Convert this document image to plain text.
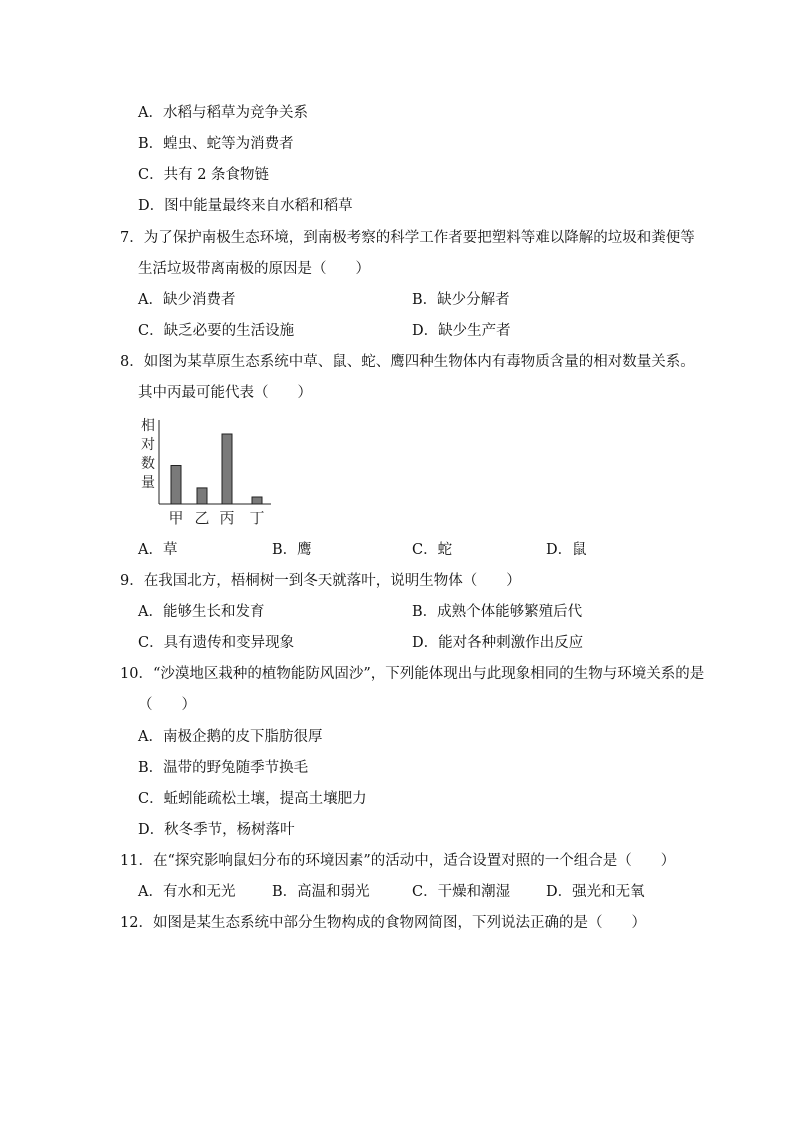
A．水稻与稻草为竞争关系
B．蝗虫、蛇等为消费者
C．共有 2 条食物链
D．图中能量最终来自水稻和稻草
7．为了保护南极生态环境，到南极考察的科学工作者要把塑料等难以降解的垃圾和粪便等
生活垃圾带离南极的原因是（　　）
A．缺少消费者	B．缺少分解者
C．缺乏必要的生活设施	D．缺少生产者
8．如图为某草原生态系统中草、鼠、蛇、鹰四种生物体内有毒物质含量的相对数量关系。
其中丙最可能代表（　　）
相
对
数
量
甲 乙 丙 丁
A．草	B．鹰	C．蛇	D．鼠
9．在我国北方，梧桐树一到冬天就落叶，说明生物体（　　）
A．能够生长和发育	B．成熟个体能够繁殖后代
C．具有遗传和变异现象	D．能对各种刺激作出反应
10．“沙漠地区栽种的植物能防风固沙”，下列能体现出与此现象相同的生物与环境关系的是
（　　）
A．南极企鹅的皮下脂肪很厚
B．温带的野兔随季节换毛
C．蚯蚓能疏松土壤，提高土壤肥力
D．秋冬季节，杨树落叶
11．在“探究影响鼠妇分布的环境因素”的活动中，适合设置对照的一个组合是（　　）
A．有水和无光	B．高温和弱光	C．干燥和潮湿 D．强光和无氧
12．如图是某生态系统中部分生物构成的食物网简图，下列说法正确的是（　　）
